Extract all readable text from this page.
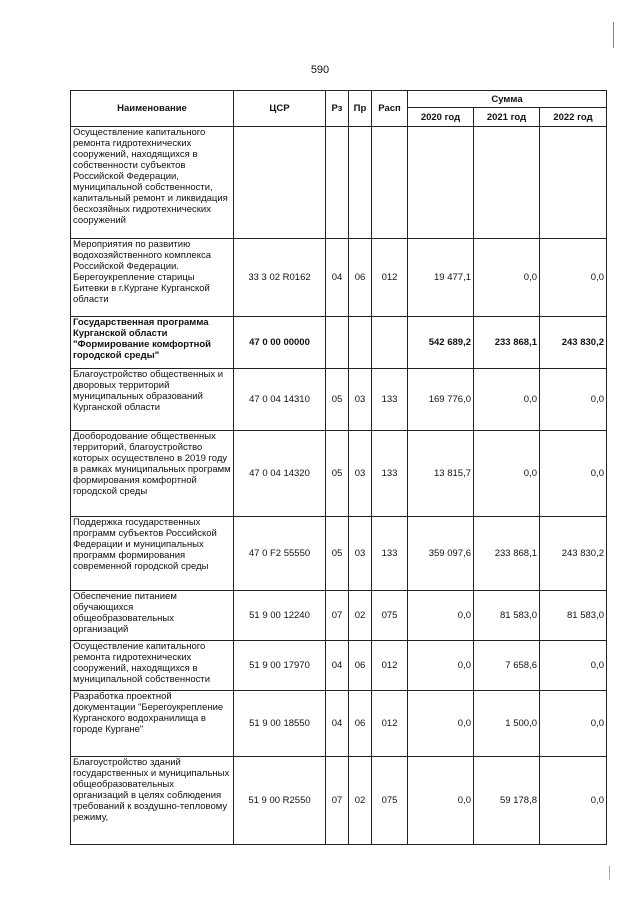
590
Наименование	ЦСР	Рз	Пр	Расп	Сумма		
					2020 год	2021 год	2022 год
Осуществление капитального ремонта гидротехнических сооружений, находящихся в собственности субъектов Российской Федерации, муниципальной собственности, капитальный ремонт и ликвидация бесхозяйных гидротехнических сооружений							
Мероприятия по развитию водохозяйственного комплекса Российской Федерации. Берегоукрепление старицы Битевки в г.Кургане Курганской области	33 3 02 R0162	04	06	012	19 477,1	0,0	0,0
Государственная программа Курганской области "Формирование комфортной городской среды"	47 0 00 00000				542 689,2	233 868,1	243 830,2
Благоустройство общественных и дворовых территорий муниципальных образований Курганской области	47 0 04 14310	05	03	133	169 776,0	0,0	0,0
Дообородование общественных территорий, благоустройство которых осуществлено в 2019 году в рамках муниципальных программ формирования комфортной городской среды	47 0 04 14320	05	03	133	13 815,7	0,0	0,0
Поддержка государственных программ субъектов Российской Федерации и муниципальных программ формирования современной городской среды	47 0 F2 55550	05	03	133	359 097,6	233 868,1	243 830,2
Обеспечение питанием обучающихся общеобразовательных организаций	51 9 00 12240	07	02	075	0,0	81 583,0	81 583,0
Осуществление капитального ремонта гидротехнических сооружений, находящихся в муниципальной собственности	51 9 00 17970	04	06	012	0,0	7 658,6	0,0
Разработка проектной документации "Берегоукрепление Курганского водохранилища в городе Кургане"	51 9 00 18550	04	06	012	0,0	1 500,0	0,0
Благоустройство зданий государственных и муниципальных общеобразовательных организаций в целях соблюдения требований к воздушно-тепловому режиму,	51 9 00 R2550	07	02	075	0,0	59 178,8	0,0
